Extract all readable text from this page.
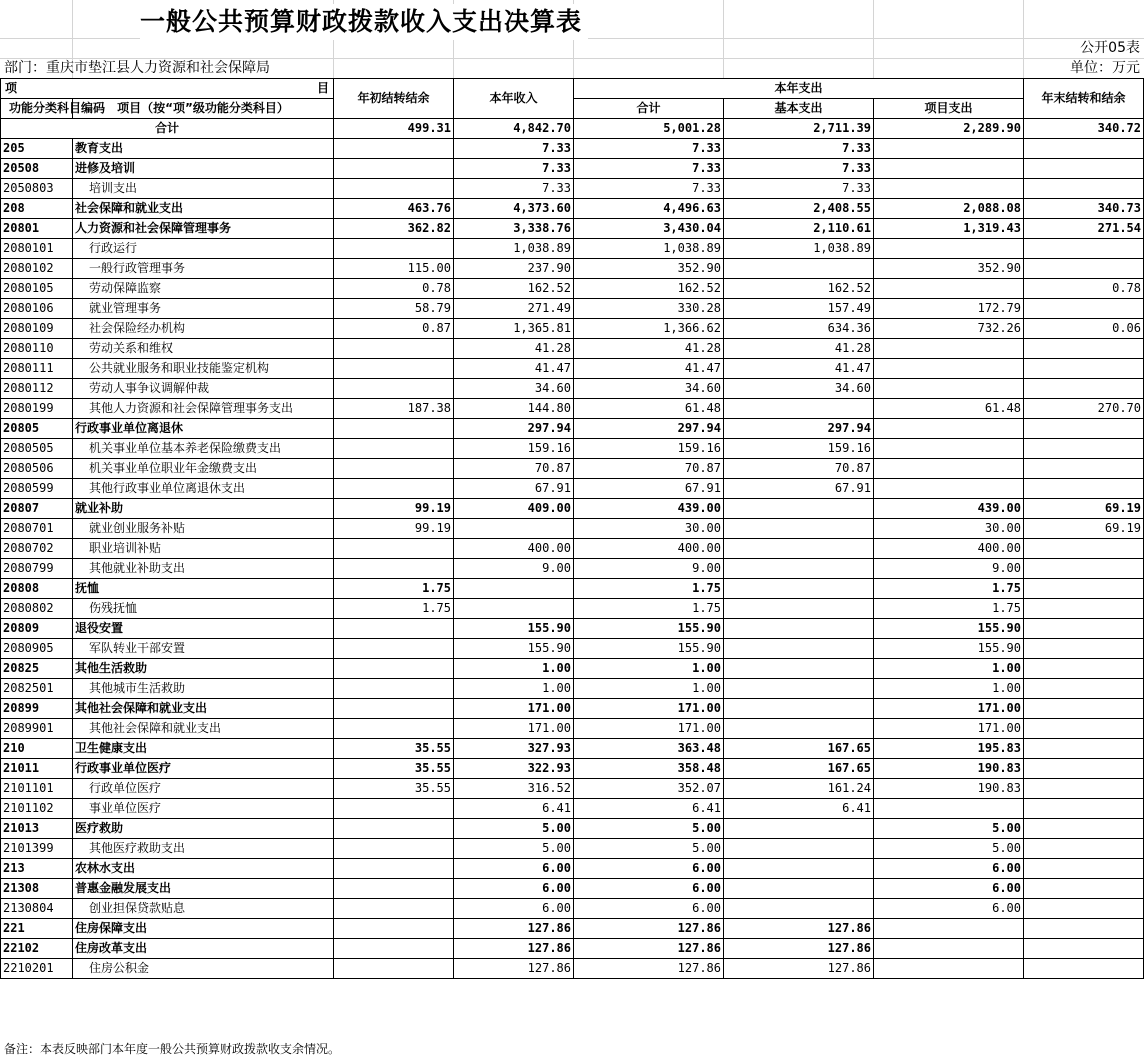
一般公共预算财政拨款收入支出决算表
公开05表
部门：重庆市垫江县人力资源和社会保障局	单位：万元
项 目		年初结转结余	本年收入	本年支出			年末结转和结余
功能分类科目编码	项目（按“项”级功能分类科目）			合计	基本支出	项目支出	
合计		499.31	4,842.70	5,001.28	2,711.39	2,289.90	340.72
205	教育支出		7.33	7.33	7.33		
20508	进修及培训		7.33	7.33	7.33		
2050803	培训支出		7.33	7.33	7.33		
208	社会保障和就业支出	463.76	4,373.60	4,496.63	2,408.55	2,088.08	340.73
20801	人力资源和社会保障管理事务	362.82	3,338.76	3,430.04	2,110.61	1,319.43	271.54
2080101	行政运行		1,038.89	1,038.89	1,038.89		
2080102	一般行政管理事务	115.00	237.90	352.90		352.90	
2080105	劳动保障监察	0.78	162.52	162.52	162.52		0.78
2080106	就业管理事务	58.79	271.49	330.28	157.49	172.79	
2080109	社会保险经办机构	0.87	1,365.81	1,366.62	634.36	732.26	0.06
2080110	劳动关系和维权		41.28	41.28	41.28		
2080111	公共就业服务和职业技能鉴定机构		41.47	41.47	41.47		
2080112	劳动人事争议调解仲裁		34.60	34.60	34.60		
2080199	其他人力资源和社会保障管理事务支出	187.38	144.80	61.48		61.48	270.70
20805	行政事业单位离退休		297.94	297.94	297.94		
2080505	机关事业单位基本养老保险缴费支出		159.16	159.16	159.16		
2080506	机关事业单位职业年金缴费支出		70.87	70.87	70.87		
2080599	其他行政事业单位离退休支出		67.91	67.91	67.91		
20807	就业补助	99.19	409.00	439.00		439.00	69.19
2080701	就业创业服务补贴	99.19		30.00		30.00	69.19
2080702	职业培训补贴		400.00	400.00		400.00	
2080799	其他就业补助支出		9.00	9.00		9.00	
20808	抚恤	1.75		1.75		1.75	
2080802	伤残抚恤	1.75		1.75		1.75	
20809	退役安置		155.90	155.90		155.90	
2080905	军队转业干部安置		155.90	155.90		155.90	
20825	其他生活救助		1.00	1.00		1.00	
2082501	其他城市生活救助		1.00	1.00		1.00	
20899	其他社会保障和就业支出		171.00	171.00		171.00	
2089901	其他社会保障和就业支出		171.00	171.00		171.00	
210	卫生健康支出	35.55	327.93	363.48	167.65	195.83	
21011	行政事业单位医疗	35.55	322.93	358.48	167.65	190.83	
2101101	行政单位医疗	35.55	316.52	352.07	161.24	190.83	
2101102	事业单位医疗		6.41	6.41	6.41		
21013	医疗救助		5.00	5.00		5.00	
2101399	其他医疗救助支出		5.00	5.00		5.00	
213	农林水支出		6.00	6.00		6.00	
21308	普惠金融发展支出		6.00	6.00		6.00	
2130804	创业担保贷款贴息		6.00	6.00		6.00	
221	住房保障支出		127.86	127.86	127.86		
22102	住房改革支出		127.86	127.86	127.86		
2210201	住房公积金		127.86	127.86	127.86		
备注：本表反映部门本年度一般公共预算财政拨款收支余情况。
